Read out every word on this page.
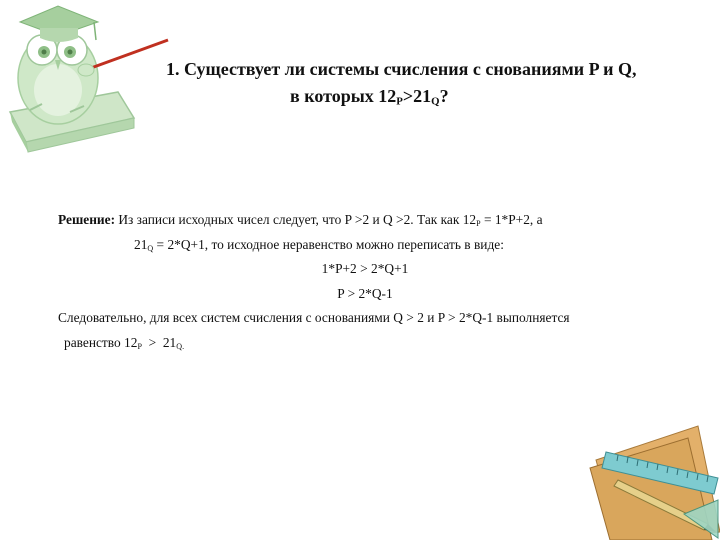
1. Существует ли системы счисления с снованиями P и Q,
в которых $12_P>21_Q$?
Решение: Из записи исходных чисел следует, что P >2 и Q >2. Так как $12_P = 1*P+2$, а
$21_Q = 2*Q+1$, то исходное неравенство можно переписать в виде:
1*P+2 > 2*Q+1
P > 2*Q-1
Следовательно, для всех систем счисления с основаниями Q > 2 и P > 2*Q-1 выполняется
равенство $12_P > 21_{Q.}$
